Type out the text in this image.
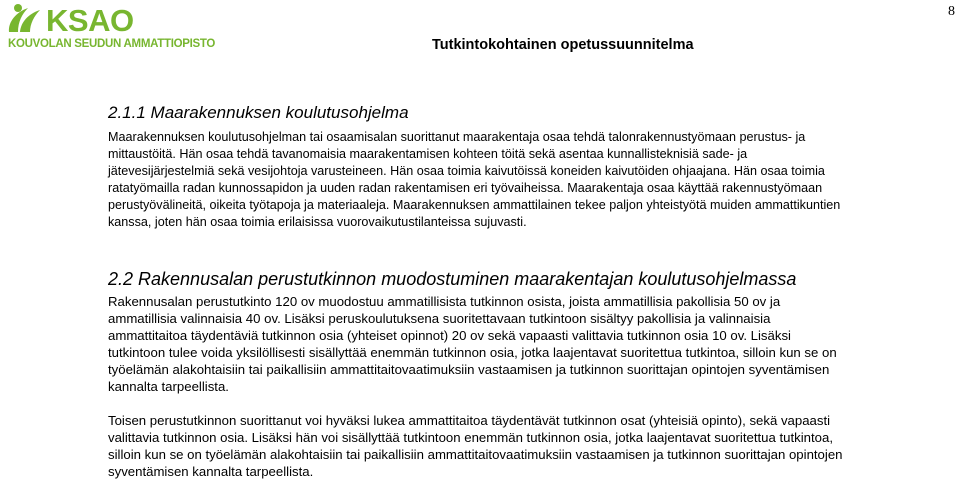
KSAO
KOUVOLAN SEUDUN AMMATTIOPISTO	Tutkintokohtainen opetussuunnitelma
8
2.1.1 Maarakennuksen koulutusohjelma

Maarakennuksen koulutusohjelman tai osaamisalan suorittanut maarakentaja osaa tehdä talonrakennustyömaan perustus- ja mittaustöitä. Hän osaa tehdä tavanomaisia maarakentamisen kohteen töitä sekä asentaa kunnallisteknisiä sade- ja jätevesijärjestelmiä sekä vesijohtoja varusteineen. Hän osaa toimia kaivutöissä koneiden kaivutöiden ohjaajana. Hän osaa toimia ratatyömailla radan kunnossapidon ja uuden radan rakentamisen eri työvaiheissa. Maarakentaja osaa käyttää rakennustyömaan perustyövälineitä, oikeita työtapoja ja materiaaleja. Maarakennuksen ammattilainen tekee paljon yhteistyötä muiden ammattikuntien kanssa, joten hän osaa toimia erilaisissa vuorovaikutustilanteissa sujuvasti.

2.2 Rakennusalan perustutkinnon muodostuminen maarakentajan koulutusohjelmassa

Rakennusalan perustutkinto 120 ov muodostuu ammatillisista tutkinnon osista, joista ammatillisia pakollisia 50 ov ja ammatillisia valinnaisia 40 ov. Lisäksi peruskoulutuksena suoritettavaan tutkintoon sisältyy pakollisia ja valinnaisia ammattitaitoa täydentäviä tutkinnon osia (yhteiset opinnot) 20 ov sekä vapaasti valittavia tutkinnon osia 10 ov. Lisäksi tutkintoon tulee voida yksilöllisesti sisällyttää enemmän tutkinnon osia, jotka laajentavat suoritettua tutkintoa, silloin kun se on työelämän alakohtaisiin tai paikallisiin ammattitaitovaatimuksiin vastaamisen ja tutkinnon suorittajan opintojen syventämisen kannalta tarpeellista.

Toisen perustutkinnon suorittanut voi hyväksi lukea ammattitaitoa täydentävät tutkinnon osat (yhteisiä opinto), sekä vapaasti valittavia tutkinnon osia. Lisäksi hän voi sisällyttää tutkintoon enemmän tutkinnon osia, jotka laajentavat suoritettua tutkintoa, silloin kun se on työelämän alakohtaisiin tai paikallisiin ammattitaitovaatimuksiin vastaamisen ja tutkinnon suorittajan opintojen syventämisen kannalta tarpeellista.
